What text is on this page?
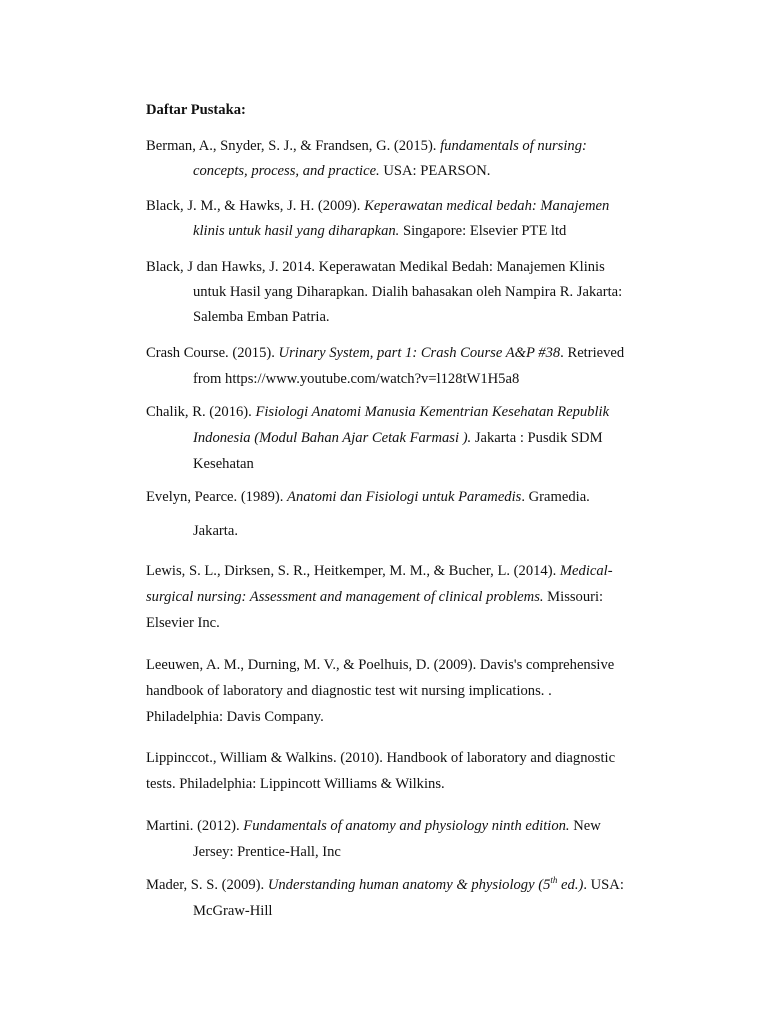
Daftar Pustaka:
Berman, A., Snyder, S. J., & Frandsen, G. (2015). fundamentals of nursing:
concepts, process, and practice. USA: PEARSON.
Black, J. M., & Hawks, J. H. (2009). Keperawatan medical bedah: Manajemen
klinis untuk hasil yang diharapkan. Singapore: Elsevier PTE ltd
Black, J dan Hawks, J. 2014. Keperawatan Medikal Bedah: Manajemen Klinis
untuk Hasil yang Diharapkan. Dialih bahasakan oleh Nampira R. Jakarta:
Salemba Emban Patria.
Crash Course. (2015). Urinary System, part 1: Crash Course A&P #38. Retrieved
from https://www.youtube.com/watch?v=l128tW1H5a8
Chalik, R. (2016). Fisiologi Anatomi Manusia Kementrian Kesehatan Republik
Indonesia (Modul Bahan Ajar Cetak Farmasi ). Jakarta : Pusdik SDM
Kesehatan
Evelyn, Pearce. (1989). Anatomi dan Fisiologi untuk Paramedis. Gramedia.
Jakarta.
Lewis, S. L., Dirksen, S. R., Heitkemper, M. M., & Bucher, L. (2014). Medical-
surgical nursing: Assessment and management of clinical problems. Missouri:
Elsevier Inc.
Leeuwen, A. M., Durning, M. V., & Poelhuis, D. (2009). Davis's comprehensive
handbook of laboratory and diagnostic test wit nursing implications. .
Philadelphia: Davis Company.
Lippinccot., William & Walkins. (2010). Handbook of laboratory and diagnostic
tests. Philadelphia: Lippincott Williams & Wilkins.
Martini. (2012). Fundamentals of anatomy and physiology ninth edition. New
Jersey: Prentice-Hall, Inc
Mader, S. S. (2009). Understanding human anatomy & physiology (5th ed.). USA:
McGraw-Hill
